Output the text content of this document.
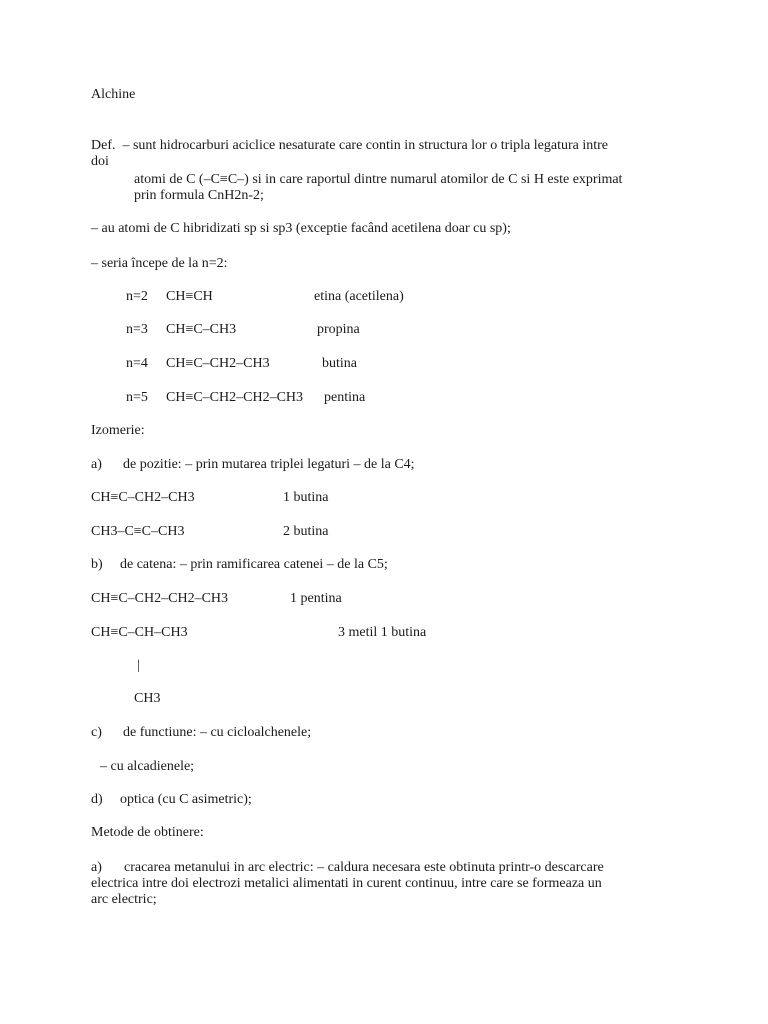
Alchine
Def.  – sunt hidrocarburi aciclice nesaturate care contin in structura lor o tripla legatura intre
doi
atomi de C (–C≡C–) si in care raportul dintre numarul atomilor de C si H este exprimat
prin formula CnH2n-2;
– au atomi de C hibridizati sp si sp3 (exceptie facând acetilena doar cu sp);
– seria începe de la n=2:
n=2 CH≡CH	etina (acetilena)
n=3 CH≡C–CH3	propina
n=4 CH≡C–CH2–CH3	butina
n=5 CH≡C–CH2–CH2–CH3 pentina
Izomerie:
a) de pozitie: – prin mutarea triplei legaturi – de la C4;
CH≡C–CH2–CH3	1 butina
CH3–C≡C–CH3	2 butina
b) de catena: – prin ramificarea catenei – de la C5;
CH≡C–CH2–CH2–CH3	1 pentina
CH≡C–CH–CH3	3 metil 1 butina
|
CH3
c) de functiune: – cu cicloalchenele;
– cu alcadienele;
d) optica (cu C asimetric);
Metode de obtinere:
a) cracarea metanului in arc electric: – caldura necesara este obtinuta printr-o descarcare
electrica intre doi electrozi metalici alimentati in curent continuu, intre care se formeaza un
arc electric;
